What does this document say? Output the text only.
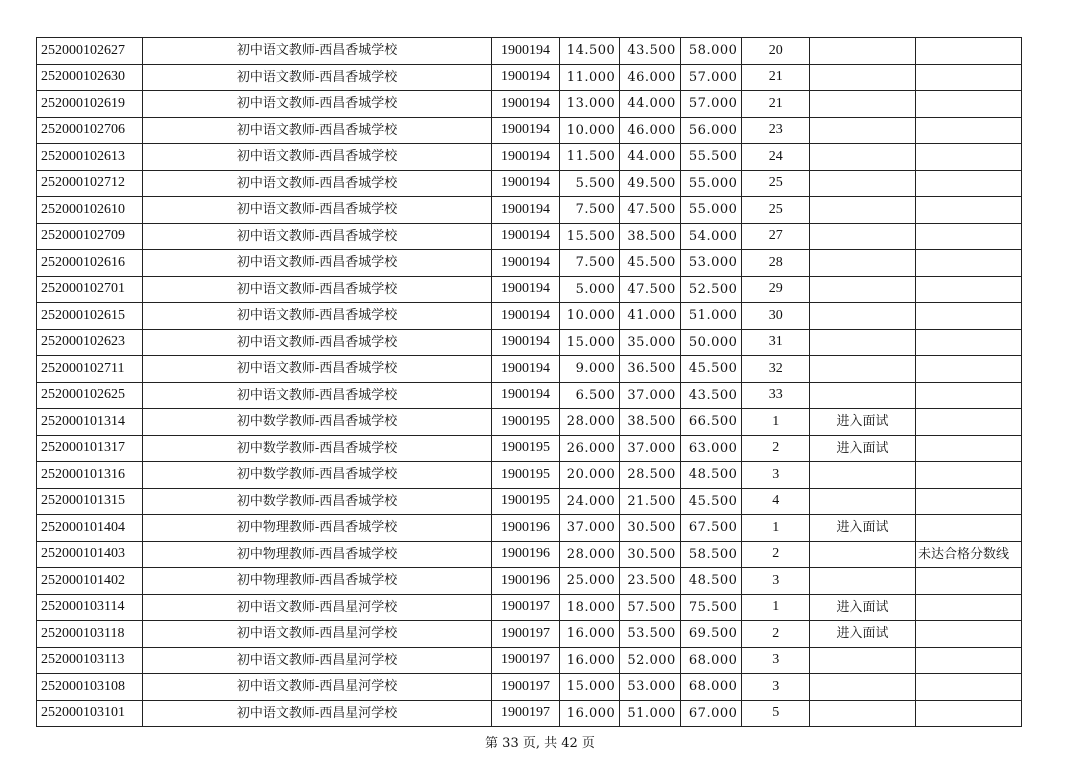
252000102627	初中语文教师-西昌香城学校	1900194	14.500	43.500	58.000	20		
252000102630	初中语文教师-西昌香城学校	1900194	11.000	46.000	57.000	21		
252000102619	初中语文教师-西昌香城学校	1900194	13.000	44.000	57.000	21		
252000102706	初中语文教师-西昌香城学校	1900194	10.000	46.000	56.000	23		
252000102613	初中语文教师-西昌香城学校	1900194	11.500	44.000	55.500	24		
252000102712	初中语文教师-西昌香城学校	1900194	5.500	49.500	55.000	25		
252000102610	初中语文教师-西昌香城学校	1900194	7.500	47.500	55.000	25		
252000102709	初中语文教师-西昌香城学校	1900194	15.500	38.500	54.000	27		
252000102616	初中语文教师-西昌香城学校	1900194	7.500	45.500	53.000	28		
252000102701	初中语文教师-西昌香城学校	1900194	5.000	47.500	52.500	29		
252000102615	初中语文教师-西昌香城学校	1900194	10.000	41.000	51.000	30		
252000102623	初中语文教师-西昌香城学校	1900194	15.000	35.000	50.000	31		
252000102711	初中语文教师-西昌香城学校	1900194	9.000	36.500	45.500	32		
252000102625	初中语文教师-西昌香城学校	1900194	6.500	37.000	43.500	33		
252000101314	初中数学教师-西昌香城学校	1900195	28.000	38.500	66.500	1	进入面试	
252000101317	初中数学教师-西昌香城学校	1900195	26.000	37.000	63.000	2	进入面试	
252000101316	初中数学教师-西昌香城学校	1900195	20.000	28.500	48.500	3		
252000101315	初中数学教师-西昌香城学校	1900195	24.000	21.500	45.500	4		
252000101404	初中物理教师-西昌香城学校	1900196	37.000	30.500	67.500	1	进入面试	
252000101403	初中物理教师-西昌香城学校	1900196	28.000	30.500	58.500	2		未达合格分数线
252000101402	初中物理教师-西昌香城学校	1900196	25.000	23.500	48.500	3		
252000103114	初中语文教师-西昌星河学校	1900197	18.000	57.500	75.500	1	进入面试	
252000103118	初中语文教师-西昌星河学校	1900197	16.000	53.500	69.500	2	进入面试	
252000103113	初中语文教师-西昌星河学校	1900197	16.000	52.000	68.000	3		
252000103108	初中语文教师-西昌星河学校	1900197	15.000	53.000	68.000	3		
252000103101	初中语文教师-西昌星河学校	1900197	16.000	51.000	67.000	5		
第 33 页, 共 42 页
